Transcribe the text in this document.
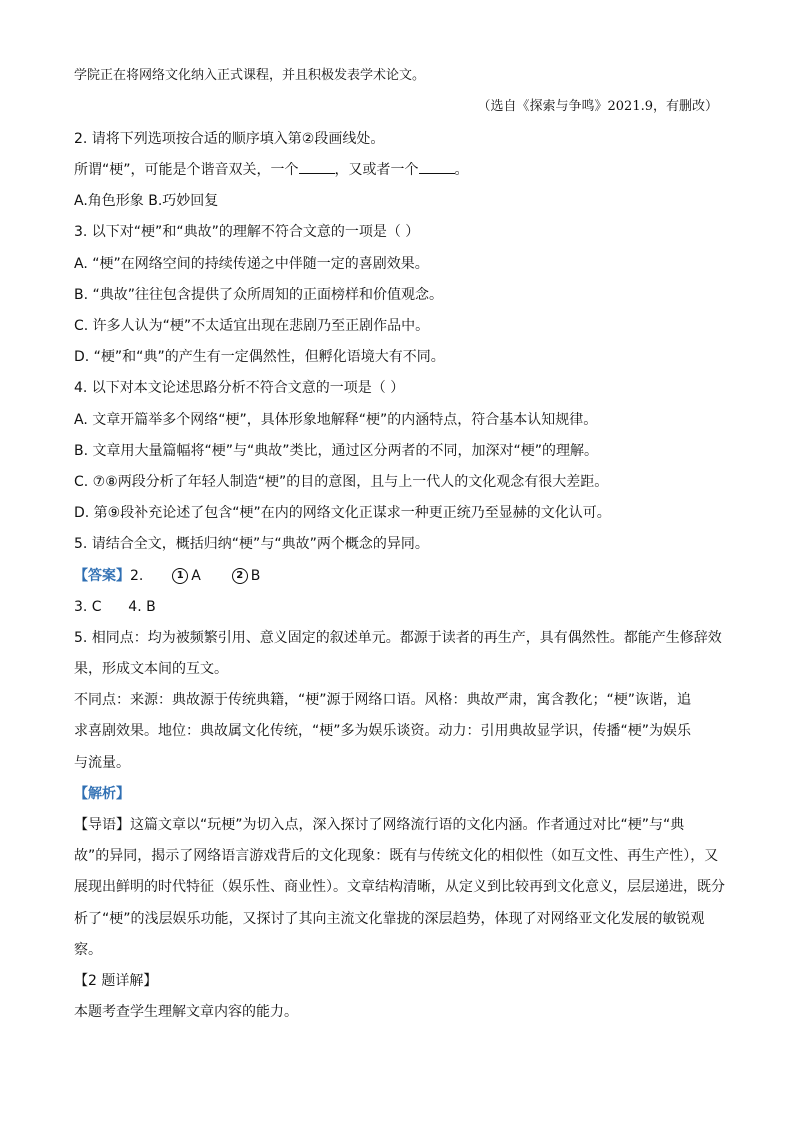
学院正在将网络文化纳入正式课程，并且积极发表学术论文。
（选自《探索与争鸣》2021.9，有删改）
2. 请将下列选项按合适的顺序填入第②段画线处。
所谓“梗”，可能是个谐音双关，一个	，又或者一个	。
A.角色形象 B.巧妙回复
3. 以下对“梗”和“典故”的理解不符合文意的一项是（ ）
A. “梗”在网络空间的持续传递之中伴随一定的喜剧效果。
B. “典故”往往包含提供了众所周知的正面榜样和价值观念。
C. 许多人认为“梗”不太适宜出现在悲剧乃至正剧作品中。
D. “梗”和“典”的产生有一定偶然性，但孵化语境大有不同。
4. 以下对本文论述思路分析不符合文意的一项是（ ）
A. 文章开篇举多个网络“梗”，具体形象地解释“梗”的内涵特点，符合基本认知规律。
B. 文章用大量篇幅将“梗”与“典故”类比，通过区分两者的不同，加深对“梗”的理解。
C. ⑦⑧两段分析了年轻人制造“梗”的目的意图，且与上一代人的文化观念有很大差距。
D. 第⑨段补充论述了包含“梗”在内的网络文化正谋求一种更正统乃至显赫的文化认可。
5. 请结合全文，概括归纳“梗”与“典故”两个概念的异同。
【答案】2.	1 A	2 B
3. C      4. B
5. 相同点：均为被频繁引用、意义固定的叙述单元。都源于读者的再生产，具有偶然性。都能产生修辞效
果，形成文本间的互文。
不同点：来源：典故源于传统典籍，“梗”源于网络口语。风格：典故严肃，寓含教化；“梗”诙谐，追
求喜剧效果。地位：典故属文化传统，“梗”多为娱乐谈资。动力：引用典故显学识，传播“梗”为娱乐
与流量。
【解析】
【导语】这篇文章以“玩梗”为切入点，深入探讨了网络流行语的文化内涵。作者通过对比“梗”与“典
故”的异同，揭示了网络语言游戏背后的文化现象：既有与传统文化的相似性（如互文性、再生产性），又
展现出鲜明的时代特征（娱乐性、商业性）。文章结构清晰，从定义到比较再到文化意义，层层递进，既分
析了“梗”的浅层娱乐功能，又探讨了其向主流文化靠拢的深层趋势，体现了对网络亚文化发展的敏锐观
察。
【2 题详解】
本题考查学生理解文章内容的能力。
